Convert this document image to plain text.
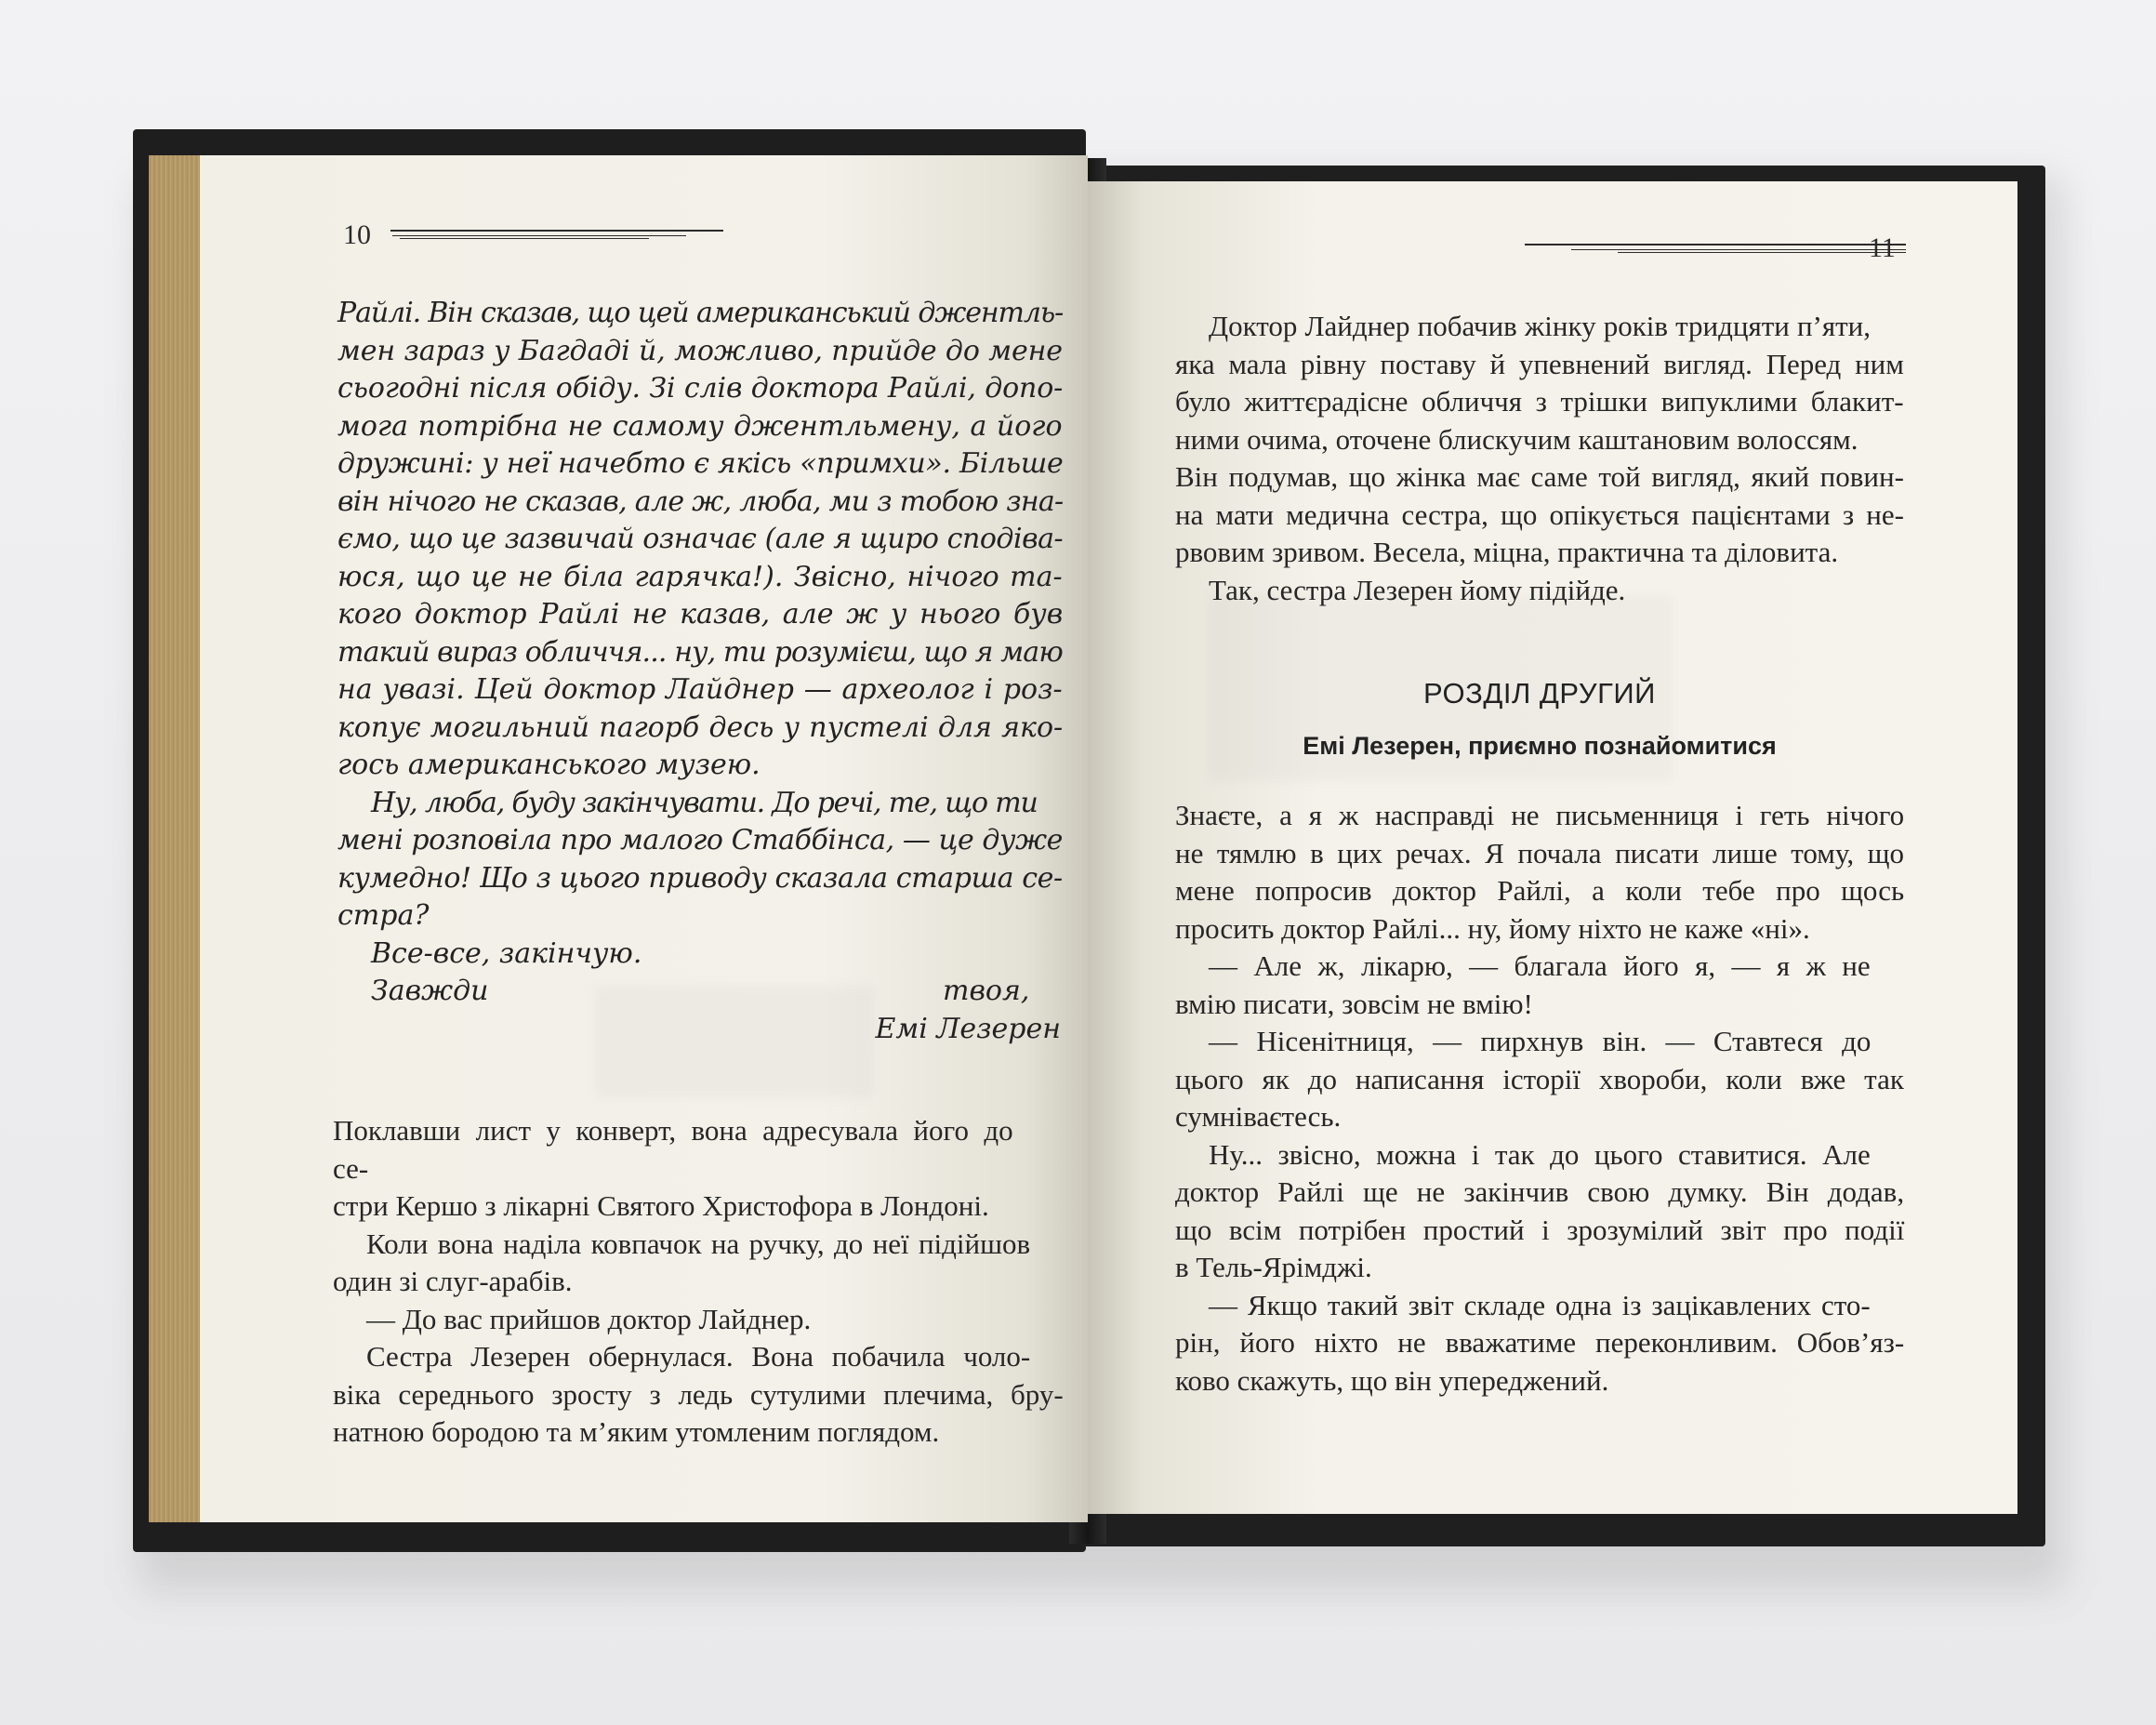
10
Райлі. Він сказав, що цей американський джентль-
мен зараз у Багдаді й, можливо, прийде до мене
сьогодні після обіду. Зі слів доктора Райлі, допо-
мога потрібна не самому джентльмену, а його
дружині: у неї начебто є якісь «примхи». Більше
він нічого не сказав, але ж, люба, ми з тобою зна-
ємо, що це зазвичай означає (але я щиро сподіва-
юся, що це не біла гарячка!). Звісно, нічого та-
кого доктор Райлі не казав, але ж у нього був
такий вираз обличчя... ну, ти розумієш, що я маю
на увазі. Цей доктор Лайднер — археолог і роз-
копує могильний пагорб десь у пустелі для яко-
гось американського музею.
Ну, люба, буду закінчувати. До речі, те, що ти
мені розповіла про малого Стаббінса, — це дуже
кумедно! Що з цього приводу сказала старша се-
стра?
Все-все, закінчую.
Завжди твоя,
Емі Лезерен
Поклавши лист у конверт, вона адресувала його до се-
стри Кершо з лікарні Святого Христофора в Лондоні.
Коли вона наділа ковпачок на ручку, до неї підійшов
один зі слуг-арабів.
— До вас прийшов доктор Лайднер.
Сестра Лезерен обернулася. Вона побачила чоло-
віка середнього зросту з ледь сутулими плечима, бру-
натною бородою та м’яким утомленим поглядом.
11
Доктор Лайднер побачив жінку років тридцяти п’яти,
яка мала рівну поставу й упевнений вигляд. Перед ним
було життєрадісне обличчя з трішки випуклими блакит-
ними очима, оточене блискучим каштановим волоссям.
Він подумав, що жінка має саме той вигляд, який повин-
на мати медична сестра, що опікується пацієнтами з не-
рвовим зривом. Весела, міцна, практична та діловита.
Так, сестра Лезерен йому підійде.
РОЗДІЛ ДРУГИЙ
Емі Лезерен, приємно познайомитися
Знаєте, а я ж насправді не письменниця і геть нічого
не тямлю в цих речах. Я почала писати лише тому, що
мене попросив доктор Райлі, а коли тебе про щось
просить доктор Райлі... ну, йому ніхто не каже «ні».
— Але ж, лікарю, — благала його я, — я ж не
вмію писати, зовсім не вмію!
— Нісенітниця, — пирхнув він. — Ставтеся до
цього як до написання історії хвороби, коли вже так
сумніваєтесь.
Ну... звісно, можна і так до цього ставитися. Але
доктор Райлі ще не закінчив свою думку. Він додав,
що всім потрібен простий і зрозумілий звіт про події
в Тель-Ярімджі.
— Якщо такий звіт складе одна із зацікавлених сто-
рін, його ніхто не вважатиме переконливим. Обов’яз-
ково скажуть, що він упереджений.
